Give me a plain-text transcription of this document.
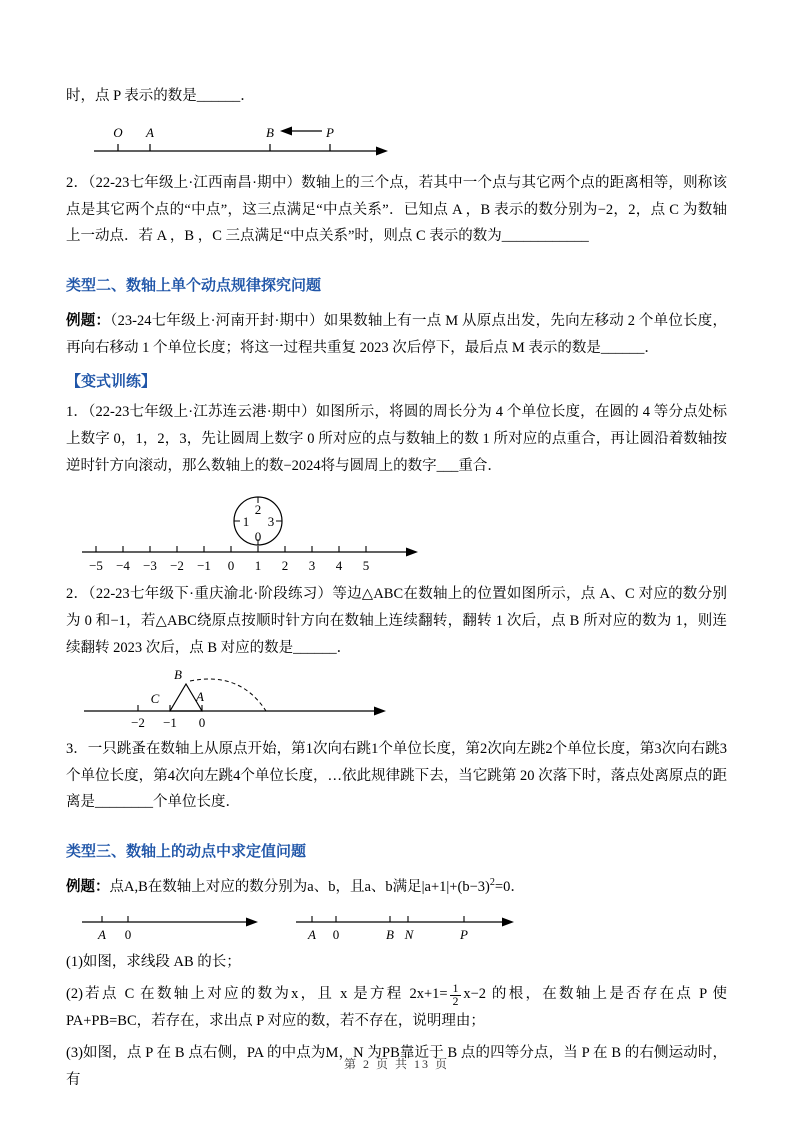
时，点 P 表示的数是______．

O A	B	P

2．（22-23七年级上·江西南昌·期中）数轴上的三个点，若其中一个点与其它两个点的距离相等，则称该点是其它两个点的“中点”，这三点满足“中点关系”．已知点 A ，B 表示的数分别为−2，2，点 C 为数轴上一动点．若 A ，B ，C 三点满足“中点关系”时，则点 C 表示的数为____________

类型二、数轴上单个动点规律探究问题

例题：（23-24七年级上·河南开封·期中）如果数轴上有一点 M 从原点出发，先向左移动 2 个单位长度，再向右移动 1 个单位长度；将这一过程共重复 2023 次后停下，最后点 M 表示的数是______．

【变式训练】

1．（22-23七年级上·江苏连云港·期中）如图所示，将圆的周长分为 4 个单位长度，在圆的 4 等分点处标上数字 0，1，2，3，先让圆周上数字 0 所对应的点与数轴上的数 1 所对应的点重合，再让圆沿着数轴按逆时针方向滚动，那么数轴上的数−2024将与圆周上的数字___重合．

−5 −4 −3 −2 −1 0 1 2 3 4 5
2
1 3
0

2．（22-23七年级下·重庆渝北·阶段练习）等边△ABC在数轴上的位置如图所示，点 A、C 对应的数分别为 0 和−1，若△ABC绕原点按顺时针方向在数轴上连续翻转，翻转 1 次后，点 B 所对应的数为 1，则连续翻转 2023 次后，点 B 对应的数是______．

−2 −1 0
B
C	A

3．一只跳蚤在数轴上从原点开始，第1次向右跳1个单位长度，第2次向左跳2个单位长度，第3次向右跳3个单位长度，第4次向左跳4个单位长度，…依此规律跳下去，当它跳第 20 次落下时，落点处离原点的距离是________个单位长度．

类型三、数轴上的动点中求定值问题

例题：点A,B在数轴上对应的数分别为a、b，且a、b满足$|a+1|+(b-3)^2=0$．

A 0	A 0	B N	P

(1)如图，求线段 AB 的长；

(2)若点 C 在数轴上对应的数为x，且 x 是方程 $2x+1= \frac{1}{2} x-2$ 的根，在数轴上是否存在点 P 使 PA+PB=BC，若存在，求出点 P 对应的数，若不存在，说明理由；

(3)如图，点 P 在 B 点右侧，PA 的中点为M，N 为PB靠近于 B 点的四等分点，当 P 在 B 的右侧运动时，有

第 2 页 共 13 页
